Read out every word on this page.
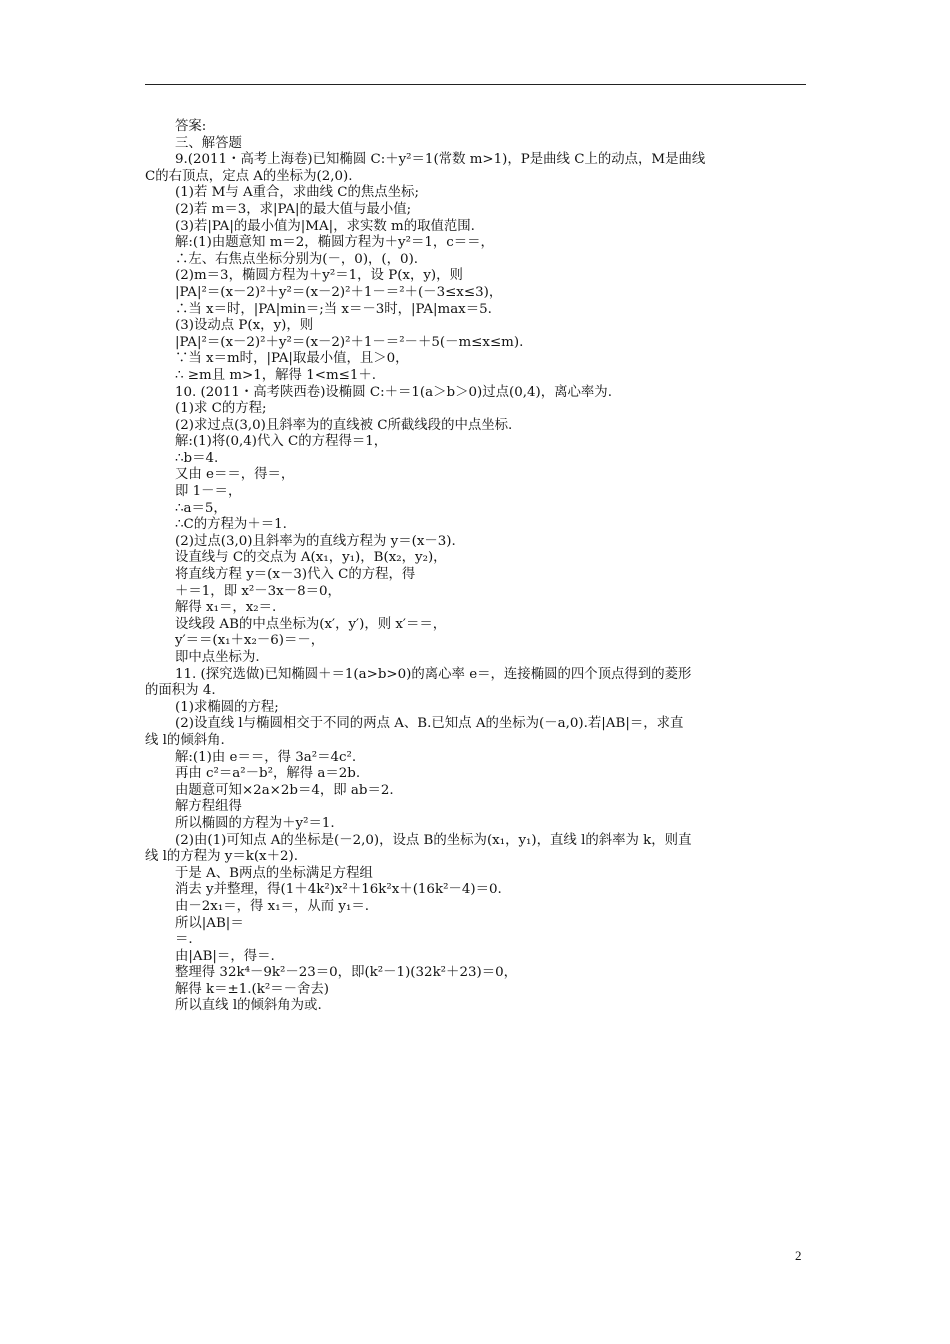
答案:
三、解答题
9.(2011・高考上海卷)已知椭圆 C:＋y²＝1(常数 m>1)，P是曲线 C上的动点，M是曲线
C的右顶点，定点 A的坐标为(2,0).
(1)若 M与 A重合，求曲线 C的焦点坐标;
(2)若 m＝3，求|PA|的最大值与最小值;
(3)若|PA|的最小值为|MA|，求实数 m的取值范围.
解:(1)由题意知 m＝2，椭圆方程为＋y²＝1，c＝＝，
∴左、右焦点坐标分别为(－，0)，(，0).
(2)m＝3，椭圆方程为＋y²＝1，设 P(x，y)，则
|PA|²＝(x－2)²＋y²＝(x－2)²＋1－＝²＋(－3≤x≤3)，
∴当 x＝时，|PA|min＝;当 x＝－3时，|PA|max＝5.
(3)设动点 P(x，y)，则
|PA|²＝(x－2)²＋y²＝(x－2)²＋1－＝²－＋5(－m≤x≤m).
∵当 x＝m时，|PA|取最小值，且＞0，
∴ ≥m且 m>1，解得 1<m≤1＋.
10. (2011・高考陕西卷)设椭圆 C:＋＝1(a＞b＞0)过点(0,4)，离心率为.
(1)求 C的方程;
(2)求过点(3,0)且斜率为的直线被 C所截线段的中点坐标.
解:(1)将(0,4)代入 C的方程得＝1，
∴b＝4.
又由 e＝＝，得＝，
即 1－＝，
∴a＝5，
∴C的方程为＋＝1.
(2)过点(3,0)且斜率为的直线方程为 y＝(x－3).
设直线与 C的交点为 A(x₁，y₁)，B(x₂，y₂)，
将直线方程 y＝(x－3)代入 C的方程，得
＋＝1，即 x²－3x－8＝0，
解得 x₁＝，x₂＝.
设线段 AB的中点坐标为(x′，y′)，则 x′＝＝，
y′＝＝(x₁＋x₂－6)＝－，
即中点坐标为.
11. (探究选做)已知椭圆＋＝1(a>b>0)的离心率 e＝，连接椭圆的四个顶点得到的菱形
的面积为 4.
(1)求椭圆的方程;
(2)设直线 l与椭圆相交于不同的两点 A、B.已知点 A的坐标为(－a,0).若|AB|＝，求直
线 l的倾斜角.
解:(1)由 e＝＝，得 3a²＝4c².
再由 c²＝a²－b²，解得 a＝2b.
由题意可知×2a×2b＝4，即 ab＝2.
解方程组得
所以椭圆的方程为＋y²＝1.
(2)由(1)可知点 A的坐标是(－2,0)，设点 B的坐标为(x₁，y₁)，直线 l的斜率为 k，则直
线 l的方程为 y＝k(x＋2).
于是 A、B两点的坐标满足方程组
消去 y并整理，得(1＋4k²)x²＋16k²x＋(16k²－4)＝0.
由－2x₁＝，得 x₁＝，从而 y₁＝.
所以|AB|＝
＝.
由|AB|＝，得＝.
整理得 32k⁴－9k²－23＝0，即(k²－1)(32k²＋23)＝0，
解得 k＝±1.(k²＝－舍去)
所以直线 l的倾斜角为或.
2
